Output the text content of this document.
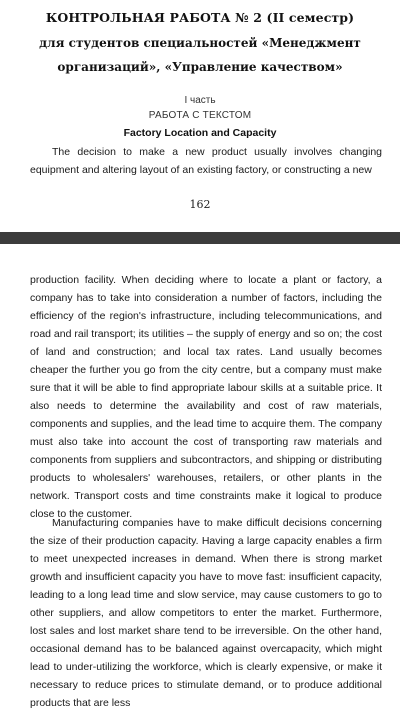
КОНТРОЛЬНАЯ РАБОТА № 2 (II семестр)
для студентов специальностей «Менеджмент
организаций», «Управление качеством»
I часть
РАБОТА С ТЕКСТОМ
Factory Location and Capacity

The decision to make a new product usually involves changing equipment and altering layout of an existing factory, or constructing a new

162

production facility. When deciding where to locate a plant or factory, a company has to take into consideration a number of factors, including the efficiency of the region's infrastructure, including telecommunications, and road and rail transport; its utilities – the supply of energy and so on; the cost of land and construction; and local tax rates. Land usually becomes cheaper the further you go from the city centre, but a company must make sure that it will be able to find appropriate labour skills at a suitable price. It also needs to determine the availability and cost of raw materials, components and supplies, and the lead time to acquire them. The company must also take into account the cost of transporting raw materials and components from suppliers and subcontractors, and shipping or distributing products to wholesalers' warehouses, retailers, or other plants in the network. Transport costs and time constraints make it logical to produce close to the customer.

Manufacturing companies have to make difficult decisions concerning the size of their production capacity. Having a large capacity enables a firm to meet unexpected increases in demand. When there is strong market growth and insufficient capacity you have to move fast: insufficient capacity, leading to a long lead time and slow service, may cause customers to go to other suppliers, and allow competitors to enter the market. Furthermore, lost sales and lost market share tend to be irreversible. On the other hand, occasional demand has to be balanced against overcapacity, which might lead to under-utilizing the workforce, which is clearly expensive, or make it necessary to reduce prices to stimulate demand, or to produce additional products that are less
